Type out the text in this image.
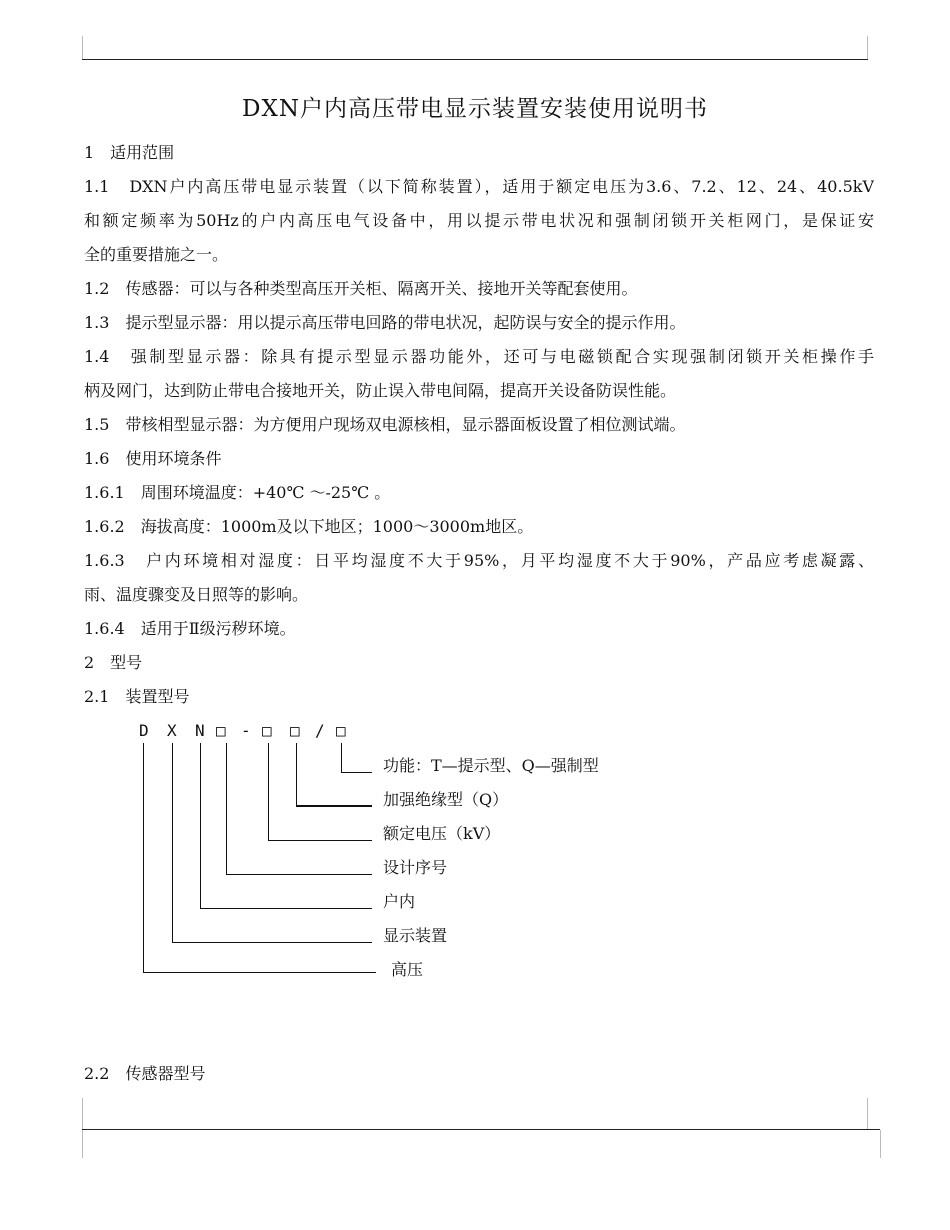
DXN户内高压带电显示装置安装使用说明书
1　适用范围
1.1　DXN户内高压带电显示装置（以下简称装置），适用于额定电压为3.6、7.2、12、24、40.5kV
和额定频率为50Hz的户内高压电气设备中，用以提示带电状况和强制闭锁开关柜网门，是保证安
全的重要措施之一。
1.2　传感器：可以与各种类型高压开关柜、隔离开关、接地开关等配套使用。
1.3　提示型显示器：用以提示高压带电回路的带电状况，起防误与安全的提示作用。
1.4　强制型显示器：除具有提示型显示器功能外，还可与电磁锁配合实现强制闭锁开关柜操作手
柄及网门，达到防止带电合接地开关，防止误入带电间隔，提高开关设备防误性能。
1.5　带核相型显示器：为方便用户现场双电源核相，显示器面板设置了相位测试端。
1.6　使用环境条件
1.6.1　周围环境温度：+40℃ ～-25℃ 。
1.6.2　海拔高度：1000m及以下地区；1000～3000m地区。
1.6.3　户内环境相对湿度：日平均湿度不大于95%，月平均湿度不大于90%，产品应考虑凝露、
雨、温度骤变及日照等的影响。
1.6.4　适用于Ⅱ级污秽环境。
2　型号
2.1　装置型号
D X N □ - □ □ / □
功能：T—提示型、Q—强制型
加强绝缘型（Q）
额定电压（kV）
设计序号
户内
显示装置
高压
2.2　传感器型号
